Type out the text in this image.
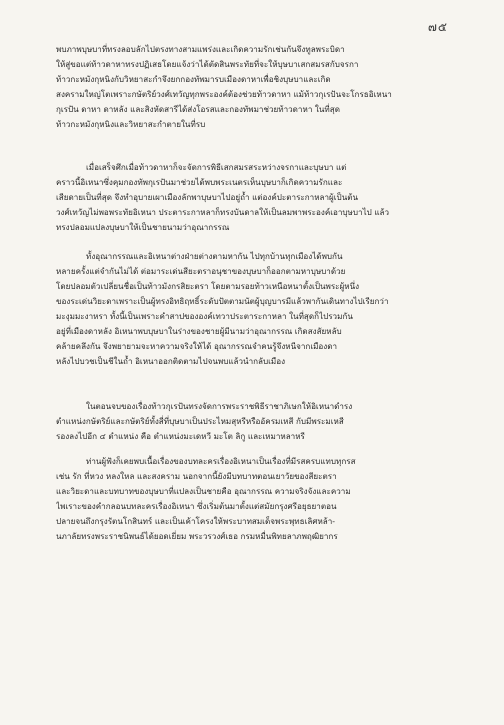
๗๕
พบภาพบุษบาที่ทรงลอบลักไปตรงทางสามแพร่งและเกิดความรักเช่นกันจึงทูลพระบิดา
ให้สู่ขอแต่ท้าวดาหาทรงปฏิเสธโดยแจ้งว่าได้ตัดสินพระทัยที่จะให้บุษบาเสกสมรสกับจรกา
ท้าวกะหมังกุหนิงกับวิหยาสะกำจึงยกกองทัพมารบเมืองดาหาเพื่อชิงบุษบาและเกิด
สงครามใหญ่โตเพราะกษัตริย์วงศ์เทวัญทุกพระองค์ต้องช่วยท้าวดาหา แม้ท้าวกุเรปันจะโกรธอิเหนา
กุเรปัน ดาหา ดาหลัง และสิงหัดสารีได้ส่งโอรสและกองทัพมาช่วยท้าวดาหา ในที่สุด
ท้าวกะหมังกุหนิงและวิหยาสะกำตายในที่รบ
เมื่อเสร็จศึกเมื่อท้าวดาหาก็จะจัดการพิธีเสกสมรสระหว่างจรกาและบุษบา แต่
คราวนี้อิเหนาซึ่งคุมกองทัพกุเรปันมาช่วยได้พบพระเนตรเห็นบุษบาก็เกิดความรักและ
เสียดายเป็นที่สุด จึงทำอุบายเผาเมืองลักพาบุษบาไปอยู่ถ้ำ แต่องค์ปะตาระกาหลาผู้เป็นต้น
วงศ์เทวัญไม่พอพระทัยอิเหนา ประตาระกาหลาก็ทรงบันดาลให้เป็นลมพาพระองค์เอาบุษบาไป แล้ว
ทรงปลอมแปลงบุษบาให้เป็นชายนามว่าอุณากรรณ
ทั้งอุณากรรณและอิเหนาต่างฝ่ายต่างตามหากัน ไปทุกบ้านทุกเมืองได้พบกัน
หลายครั้งแต่จำกันไม่ได้ ต่อมาระเด่นสียะตราอนุชาของบุษบาก็ออกตามหาบุษบาด้วย
โดยปลอมตัวเปลี่ยนชื่อเป็นท้าวมังกรสิยะตรา โดยตามรอยท้าวเหนือหนาตั้งเป็นพระผู้หนึ่ง
ของระเด่นวิยะดาเพราะเป็นผู้ทรงอิทธิฤทธิ์ระดับปัตตามนัตผู้บุญบารมีแล้วพากันเดินทางไปเรียกว่า
มะงุมมะงาหรา ทั้งนี้เป็นเพราะคำสาปขององค์เทวาประตาระกาหลา ในที่สุดก็ไปรวมกัน
อยู่ที่เมืองดาหลัง อิเหนาพบบุษบาในร่างของชายผู้มีนามว่าอุณากรรณ เกิดสงสัยหลับ
คล้ายคลึงกัน จึงพยายามจะหาความจริงให้ได้ อุณากรรณจำคนรู้จึงหนีจากเมืองดา
หลังไปบวชเป็นชีในถ้ำ อิเหนาออกติดตามไปจนพบแล้วนำกลับเมือง
ในตอนจบของเรื่องท้าวกุเรปันทรงจัดการพระราชพิธีราชาภิเษกให้อิเหนาดำรง
ตำแหน่งกษัตริย์และกษัตริย์ทั้งสี่ที่บุษบาเป็นประไหมสุหรีหรืออัครมเหสี กับมีพระมเหสี
รองลงไปอีก ๔ ตำแหน่ง คือ ตำแหน่งมะเดหวี มะโต ลิกู และเหมาหลาหรี
ท่านผู้ฟังก็เคยพบเนื้อเรื่องของบทละครเรื่องอิเหนาเป็นเรื่องที่มีรสครบแทบทุกรส
เช่น รัก ที่หวง หลงใหล และสงคราม นอกจากนี้ยังมีบทบาทตอนเยาวัยของสียะตรา
และวิยะดาและบทบาทของบุษบาที่แปลงเป็นชายคือ อุณากรรณ ความจริงจังและความ
ไพเราะของคำกลอนบทละครเรื่องอิเหนา ซึ่งเริ่มต้นมาตั้งแต่สมัยกรุงศรีอยุธยาตอน
ปลายจนถึงกรุงรัตนโกสินทร์ และเป็นเค้าโครงให้พระบาทสมเด็จพระพุทธเลิศหล้า-
นภาลัยทรงพระราชนิพนธ์ได้ยอดเยี่ยม พระวรวงศ์เธอ กรมหมื่นพิทยลาภพฤฒิยากร
